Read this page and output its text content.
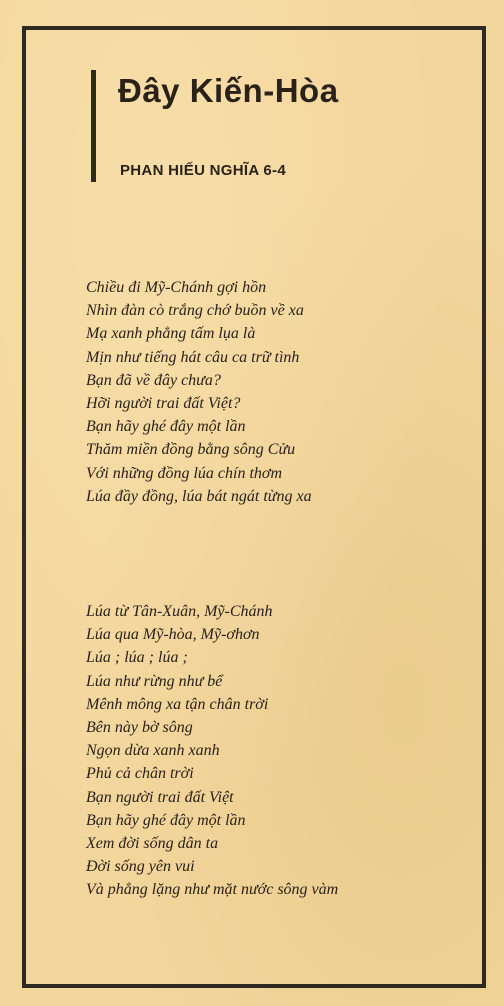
Đây Kiến-Hòa
PHAN HIẾU NGHĨA 6-4
Chiều đi Mỹ-Chánh gợi hồn
Nhìn đàn cò trắng chớ buồn về xa
Mạ xanh phẳng tấm lụa là
Mịn như tiếng hát câu ca trữ tình
Bạn đã về đây chưa?
Hỡi người trai đất Việt?
Bạn hãy ghé đây một lần
Thăm miền đồng bằng sông Cửu
Với những đồng lúa chín thơm
Lúa đầy đồng, lúa bát ngát từng xa
Lúa từ Tân-Xuân, Mỹ-Chánh
Lúa qua Mỹ-hòa, Mỹ-ơhơn
Lúa ; lúa ; lúa ;
Lúa như rừng như bể
Mênh mông xa tận chân trời
Bên này bờ sông
Ngọn dừa xanh xanh
Phủ cả chân trời
Bạn người trai đất Việt
Bạn hãy ghé đây một lần
Xem đời sống dân ta
Đời sống yên vui
Và phẳng lặng như mặt nước sông vàm
